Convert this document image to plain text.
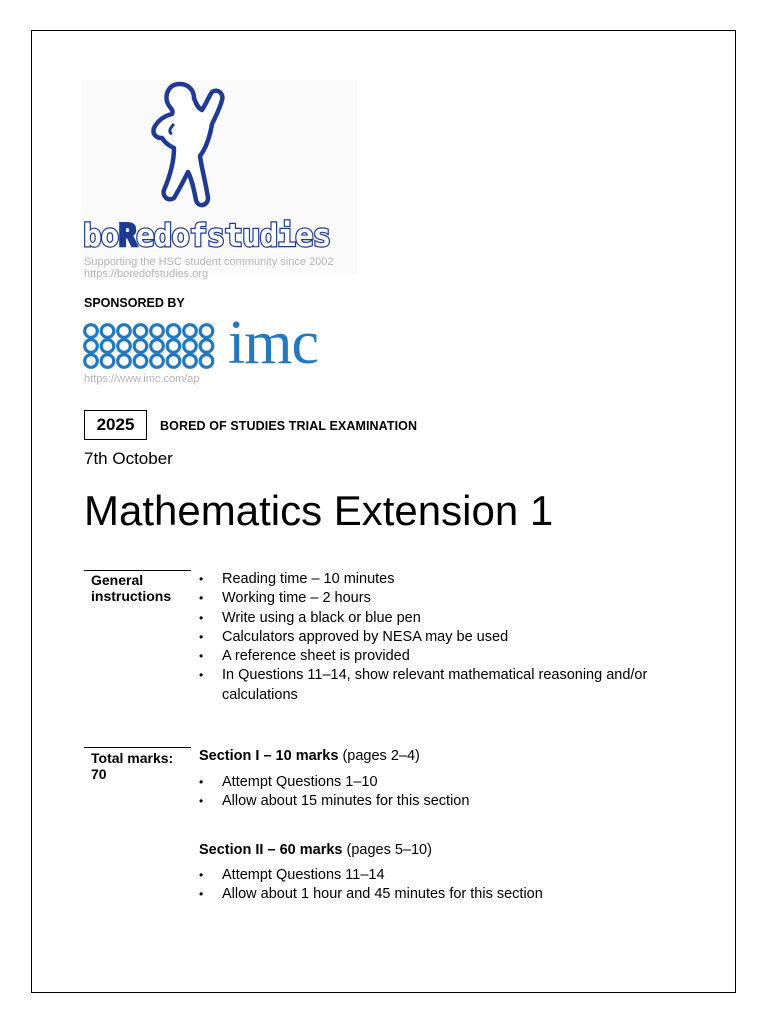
boRedofstudies
Supporting the HSC student community since 2002
https://boredofstudies.org
SPONSORED BY
imc
https://www.imc.com/ap
2025	BORED OF STUDIES TRIAL EXAMINATION
7th October
Mathematics Extension 1
General instructions
• Reading time – 10 minutes
• Working time – 2 hours
• Write using a black or blue pen
• Calculators approved by NESA may be used
• A reference sheet is provided
• In Questions 11–14, show relevant mathematical reasoning and/or calculations
Total marks: 70
Section I – 10 marks (pages 2–4)
• Attempt Questions 1–10
• Allow about 15 minutes for this section
Section II – 60 marks (pages 5–10)
• Attempt Questions 11–14
• Allow about 1 hour and 45 minutes for this section
